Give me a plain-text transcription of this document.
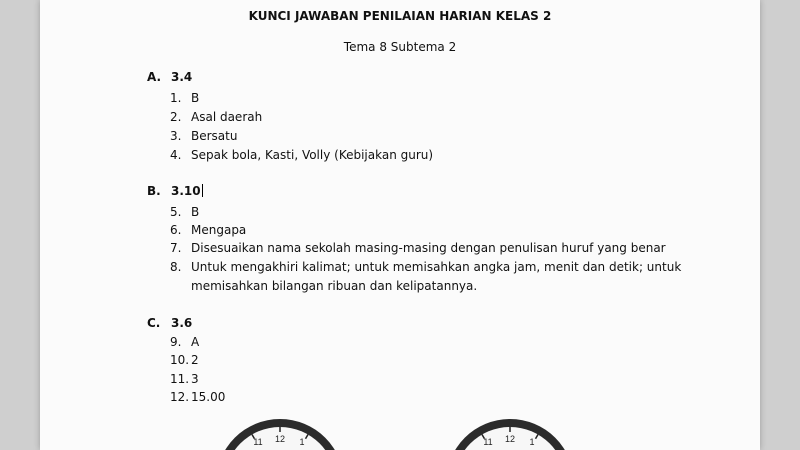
KUNCI JAWABAN PENILAIAN HARIAN KELAS 2
Tema 8 Subtema 2
A. 3.4
1. B
2. Asal daerah
3. Bersatu
4. Sepak bola, Kasti, Volly (Kebijakan guru)
B. 3.10
5. B
6. Mengapa
7. Disesuaikan nama sekolah masing-masing dengan penulisan huruf yang benar
8. Untuk mengakhiri kalimat; untuk memisahkan angka jam, menit dan detik; untuk
memisahkan bilangan ribuan dan kelipatannya.
C. 3.6
9. A
10. 2
11. 3
12. 15.00
11 12 1	11 12 1
